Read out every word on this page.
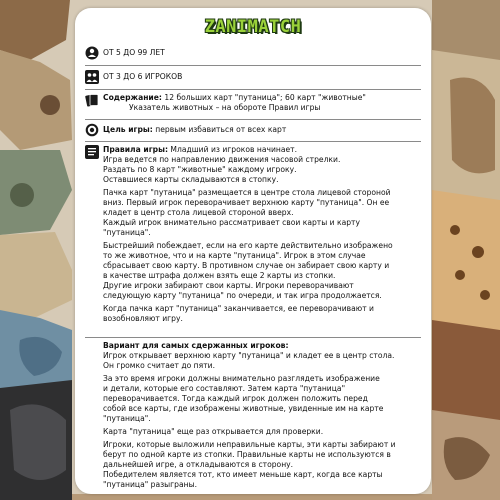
ZANIMATCH
ОТ 5 ДО 99 ЛЕТ
ОТ 3 ДО 6 ИГРОКОВ

Содержание: 12 больших карт "путаница"; 60 карт "животные"

Указатель животных – на обороте Правил игры

Цель игры: первым избавиться от всех карт

Правила игры: Младший из игроков начинает.

Игра ведется по направлению движения часовой стрелки.

Раздать по 8 карт "животные" каждому игроку.

Оставшиеся карты складываются в стопку.

Пачка карт "путаница" размещается в центре стола лицевой стороной

вниз. Первый игрок переворачивает верхнюю карту "путаница". Он ее

кладет в центр стола лицевой стороной вверх.

Каждый игрок внимательно рассматривает свои карты и карту

"путаница".

Быстрейший побеждает, если на его карте действительно изображено

то же животное, что и на карте "путаница". Игрок в этом случае

сбрасывает свою карту. В противном случае он забирает свою карту и

в качестве штрафа должен взять еще 2 карты из стопки.

Другие игроки забирают свои карты. Игроки переворачивают

следующую карту "путаница" по очереди, и так игра продолжается.

Когда пачка карт "путаница" заканчивается, ее переворачивают и

возобновляют игру.

Вариант для самых сдержанных игроков:

Игрок открывает верхнюю карту "путаница" и кладет ее в центр стола.

Он громко считает до пяти.

За это время игроки должны внимательно разглядеть изображение

и детали, которые его составляют. Затем карта "путаница"

переворачивается. Тогда каждый игрок должен положить перед

собой все карты, где изображены животные, увиденные им на карте

"путаница".

Карта "путаница" еще раз открывается для проверки.

Игроки, которые выложили неправильные карты, эти карты забирают и

берут по одной карте из стопки. Правильные карты не используются в

дальнейшей игре, а откладываются в сторону.

Победителем является тот, кто имеет меньше карт, когда все карты

"путаница" разыграны.
